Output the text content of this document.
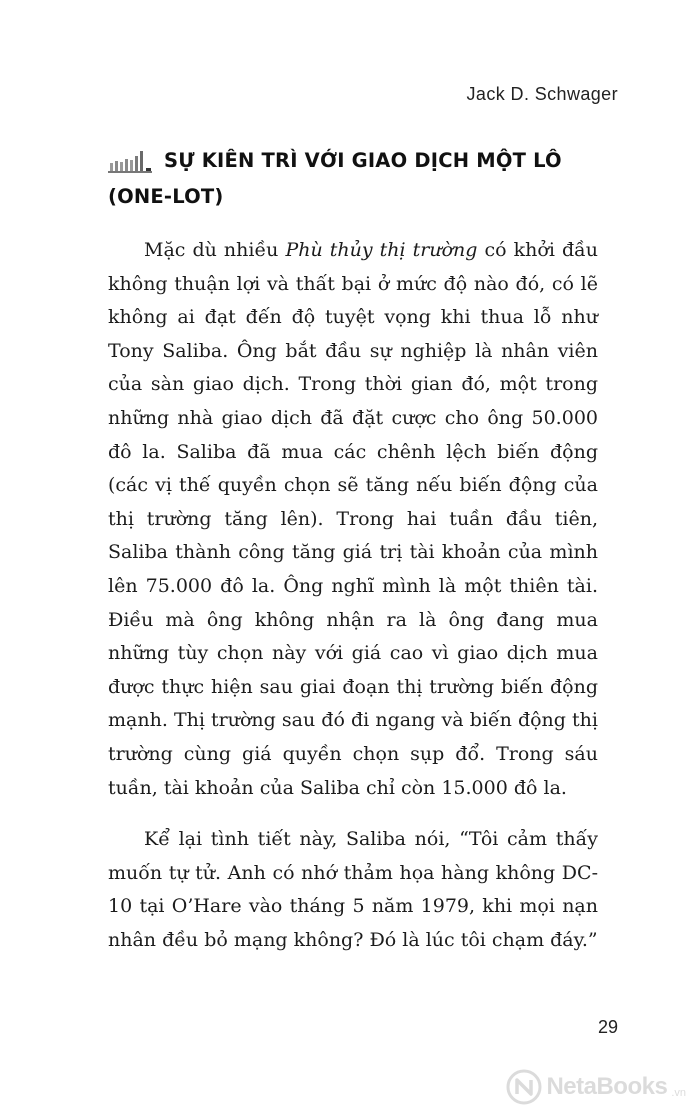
Jack D. Schwager
SỰ KIÊN TRÌ VỚI GIAO DỊCH MỘT LÔ
(ONE-LOT)

Mặc dù nhiều Phù thủy thị trường có khởi đầu không thuận lợi và thất bại ở mức độ nào đó, có lẽ không ai đạt đến độ tuyệt vọng khi thua lỗ như Tony Saliba. Ông bắt đầu sự nghiệp là nhân viên của sàn giao dịch. Trong thời gian đó, một trong những nhà giao dịch đã đặt cược cho ông 50.000 đô la. Saliba đã mua các chênh lệch biến động (các vị thế quyền chọn sẽ tăng nếu biến động của thị trường tăng lên). Trong hai tuần đầu tiên, Saliba thành công tăng giá trị tài khoản của mình lên 75.000 đô la. Ông nghĩ mình là một thiên tài. Điều mà ông không nhận ra là ông đang mua những tùy chọn này với giá cao vì giao dịch mua được thực hiện sau giai đoạn thị trường biến động mạnh. Thị trường sau đó đi ngang và biến động thị trường cùng giá quyền chọn sụp đổ. Trong sáu tuần, tài khoản của Saliba chỉ còn 15.000 đô la.

Kể lại tình tiết này, Saliba nói, “Tôi cảm thấy muốn tự tử. Anh có nhớ thảm họa hàng không DC-10 tại O’Hare vào tháng 5 năm 1979, khi mọi nạn nhân đều bỏ mạng không? Đó là lúc tôi chạm đáy.”

29
NetaBooks .vn
